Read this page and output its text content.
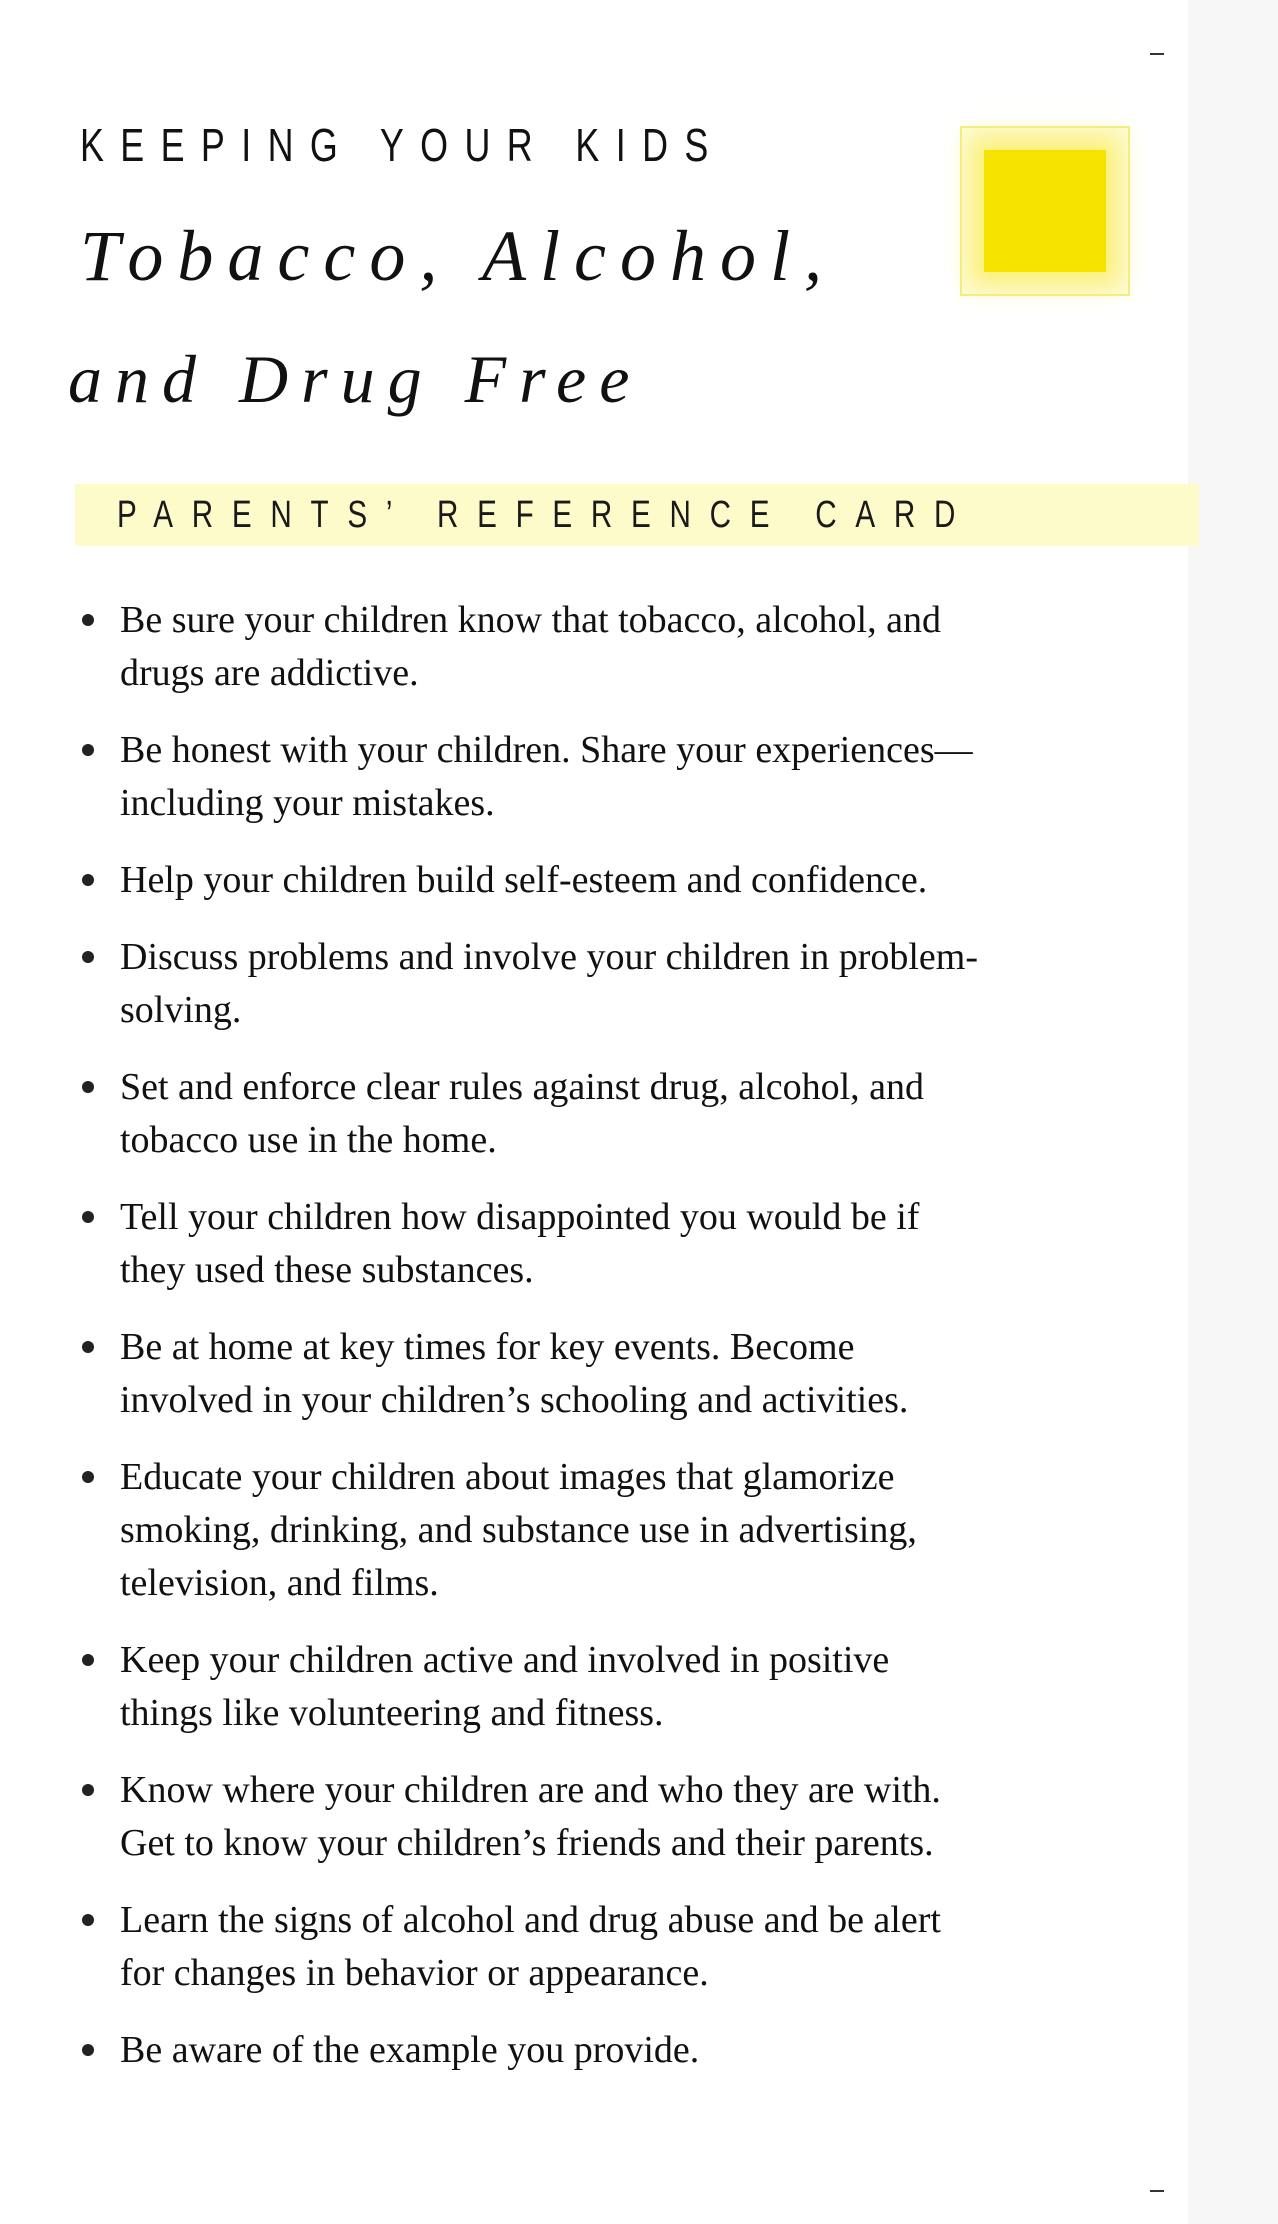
KEEPING YOUR KIDS
Tobacco, Alcohol,
and Drug Free

PARENTS’ REFERENCE CARD

Be sure your children know that tobacco, alcohol, and
drugs are addictive.
Be honest with your children. Share your experiences—
including your mistakes.
Help your children build self-esteem and confidence.
Discuss problems and involve your children in problem-
solving.
Set and enforce clear rules against drug, alcohol, and
tobacco use in the home.
Tell your children how disappointed you would be if
they used these substances.
Be at home at key times for key events. Become
involved in your children’s schooling and activities.
Educate your children about images that glamorize
smoking, drinking, and substance use in advertising,
television, and films.
Keep your children active and involved in positive
things like volunteering and fitness.
Know where your children are and who they are with.
Get to know your children’s friends and their parents.
Learn the signs of alcohol and drug abuse and be alert
for changes in behavior or appearance.
Be aware of the example you provide.
